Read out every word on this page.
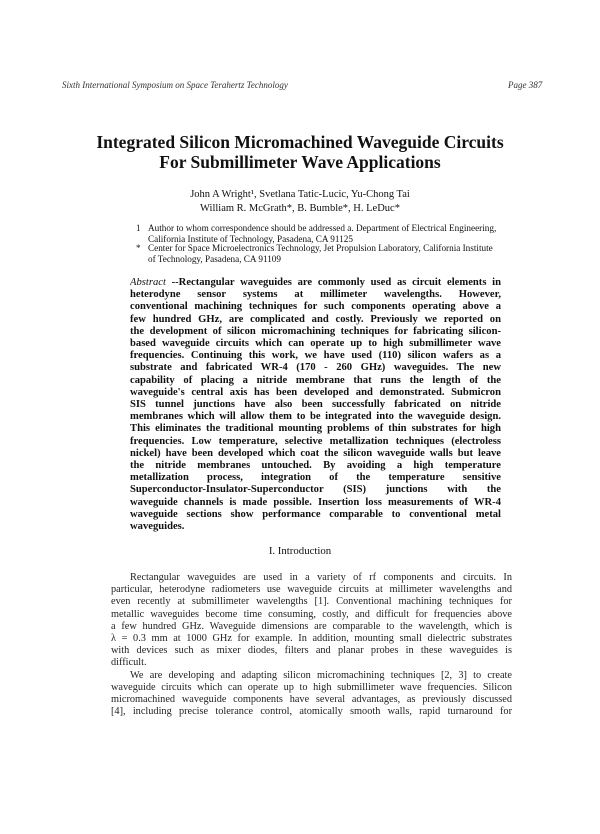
Sixth International Symposium on Space Terahertz Technology	Page 387
Integrated Silicon Micromachined Waveguide Circuits
For Submillimeter Wave Applications
John A Wright¹, Svetlana Tatic-Lucic, Yu-Chong Tai
William R. McGrath*, B. Bumble*, H. LeDuc*
1 Author to whom correspondence should be addressed a. Department of Electrical Engineering,
California Institute of Technology, Pasadena, CA 91125
* Center for Space Microelectronics Technology, Jet Propulsion Laboratory, California Institute
of Technology, Pasadena, CA 91109
Abstract --Rectangular waveguides are commonly used as circuit elements in
heterodyne sensor systems at millimeter wavelengths. However,
conventional machining techniques for such components operating above a
few hundred GHz, are complicated and costly. Previously we reported on
the development of silicon micromachining techniques for fabricating silicon-
based waveguide circuits which can operate up to high submillimeter wave
frequencies. Continuing this work, we have used (110) silicon wafers as a
substrate and fabricated WR-4 (170 - 260 GHz) waveguides. The new
capability of placing a nitride membrane that runs the length of the
waveguide's central axis has been developed and demonstrated. Submicron
SIS tunnel junctions have also been successfully fabricated on nitride
membranes which will allow them to be integrated into the waveguide design.
This eliminates the traditional mounting problems of thin substrates for high
frequencies. Low temperature, selective metallization techniques (electroless
nickel) have been developed which coat the silicon waveguide walls but leave
the nitride membranes untouched. By avoiding a high temperature
metallization process, integration of the temperature sensitive
Superconductor-Insulator-Superconductor (SIS) junctions with the
waveguide channels is made possible. Insertion loss measurements of WR-4
waveguide sections show performance comparable to conventional metal
waveguides.
I. Introduction
Rectangular waveguides are used in a variety of rf components and circuits. In
particular, heterodyne radiometers use waveguide circuits at millimeter wavelengths and
even recently at submillimeter wavelengths [1]. Conventional machining techniques for
metallic waveguides become time consuming, costly, and difficult for frequencies above
a few hundred GHz. Waveguide dimensions are comparable to the wavelength, which is
λ = 0.3 mm at 1000 GHz for example. In addition, mounting small dielectric substrates
with devices such as mixer diodes, filters and planar probes in these waveguides is
difficult.
We are developing and adapting silicon micromachining techniques [2, 3] to create
waveguide circuits which can operate up to high submillimeter wave frequencies. Silicon
micromachined waveguide components have several advantages, as previously discussed
[4], including precise tolerance control, atomically smooth walls, rapid turnaround for
